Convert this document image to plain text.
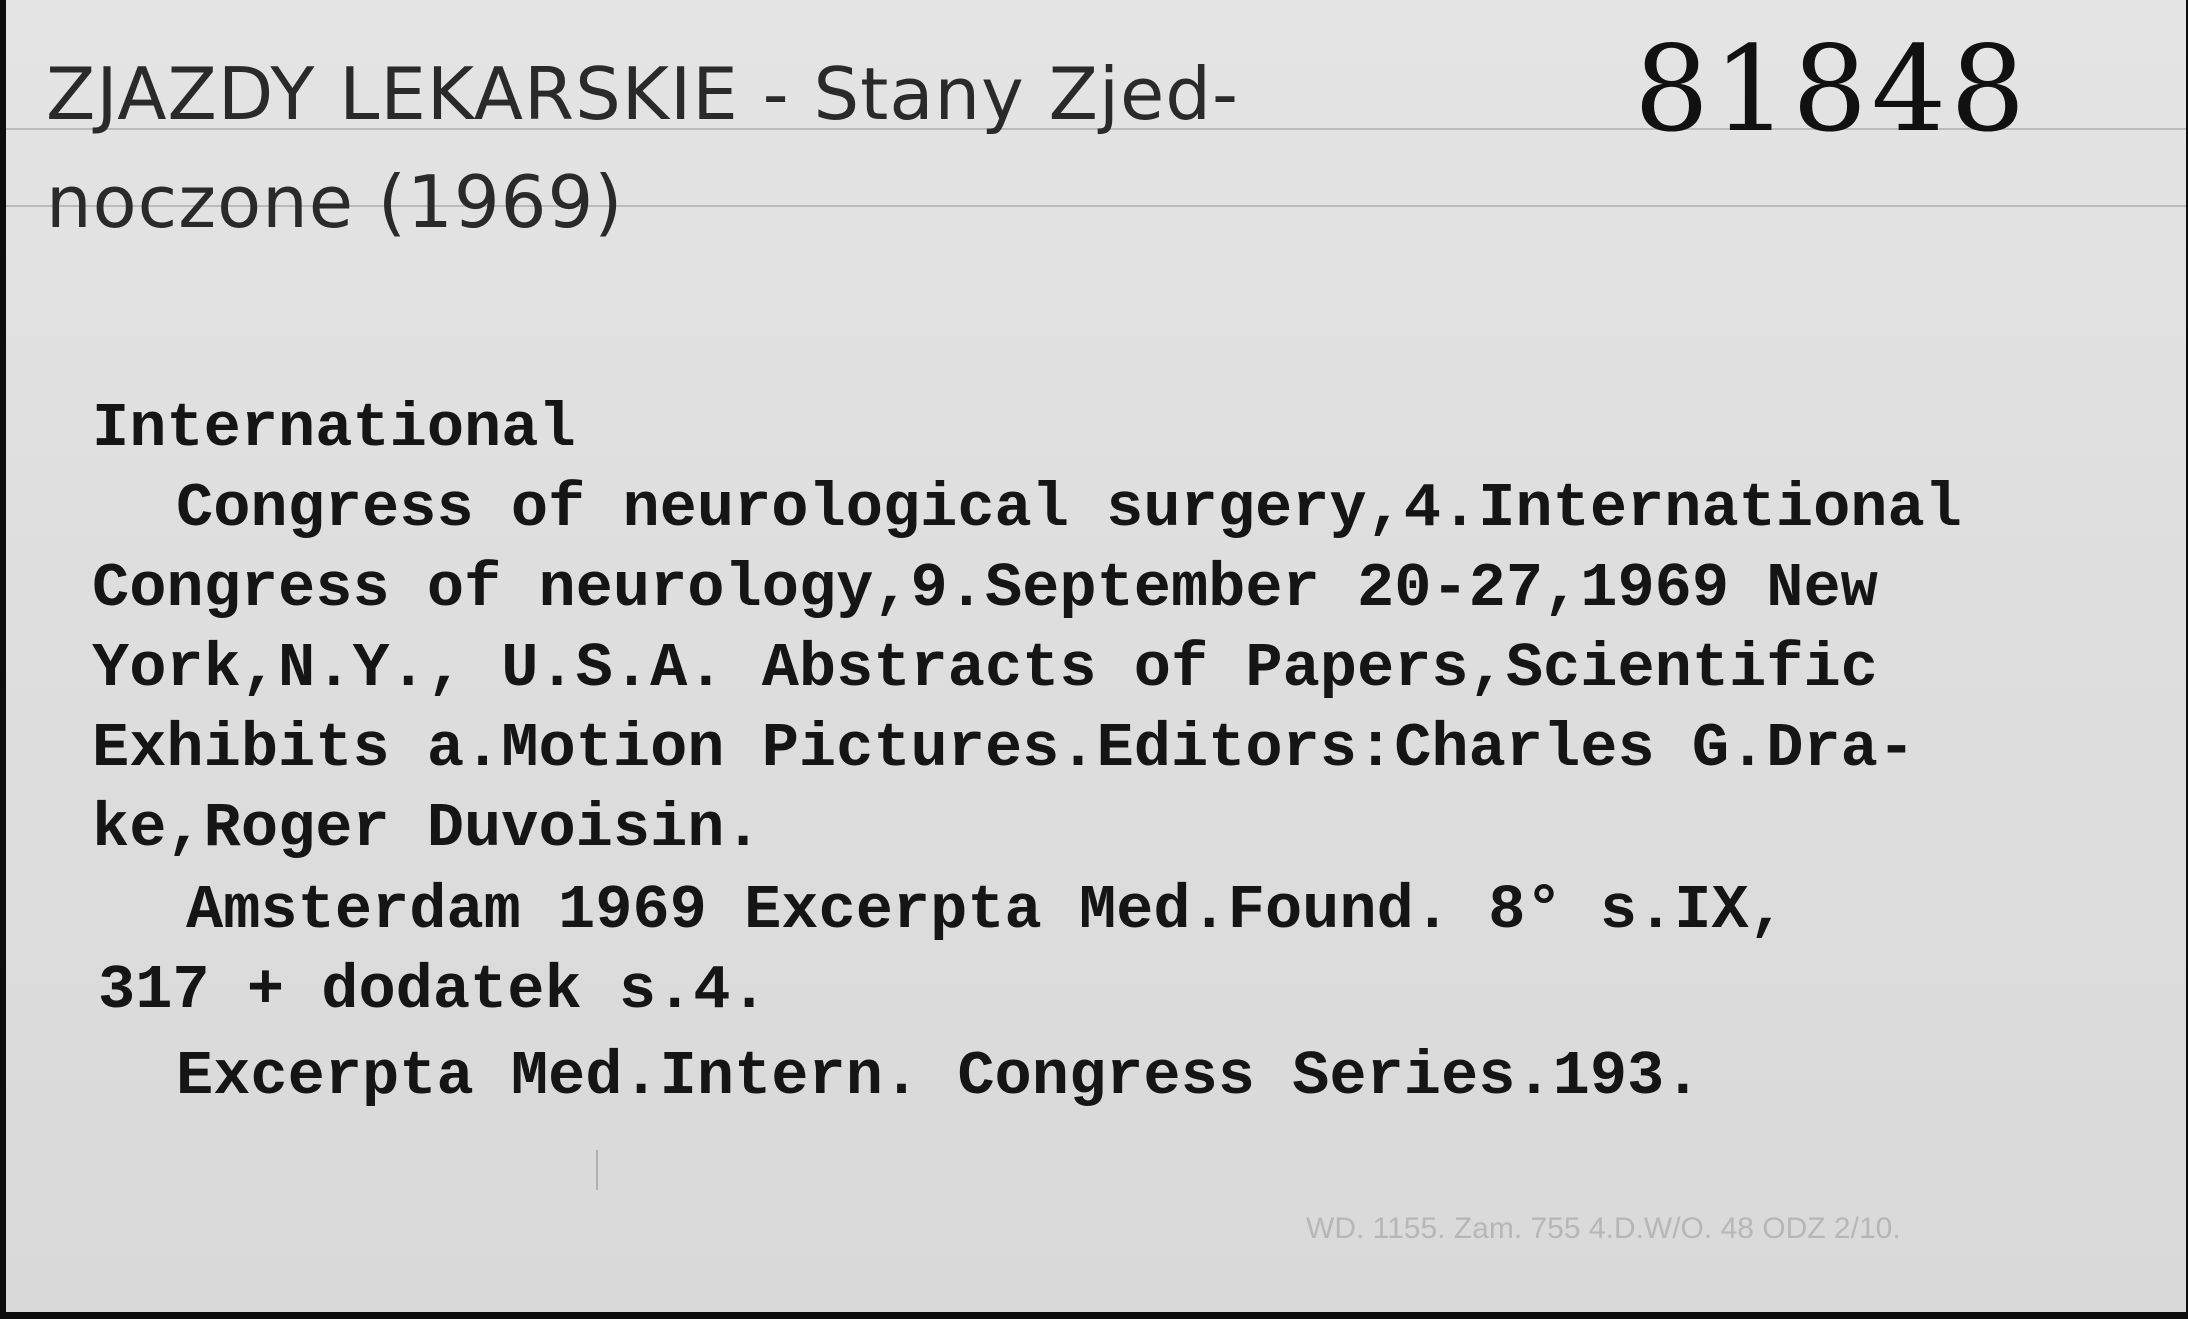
ZJAZDY LEKARSKIE - Stany Zjed-
noczone (1969)
81848
International
Congress of neurological surgery,4.International
Congress of neurology,9.September 20-27,1969 New
York,N.Y., U.S.A. Abstracts of Papers,Scientific
Exhibits a.Motion Pictures.Editors:Charles G.Dra-
ke,Roger Duvoisin.
Amsterdam 1969 Excerpta Med.Found. 8° s.IX,
317 + dodatek s.4.
Excerpta Med.Intern. Congress Series.193.
WD. 1155. Zam. 755 4.D.W/O. 48 ODZ 2/10.
